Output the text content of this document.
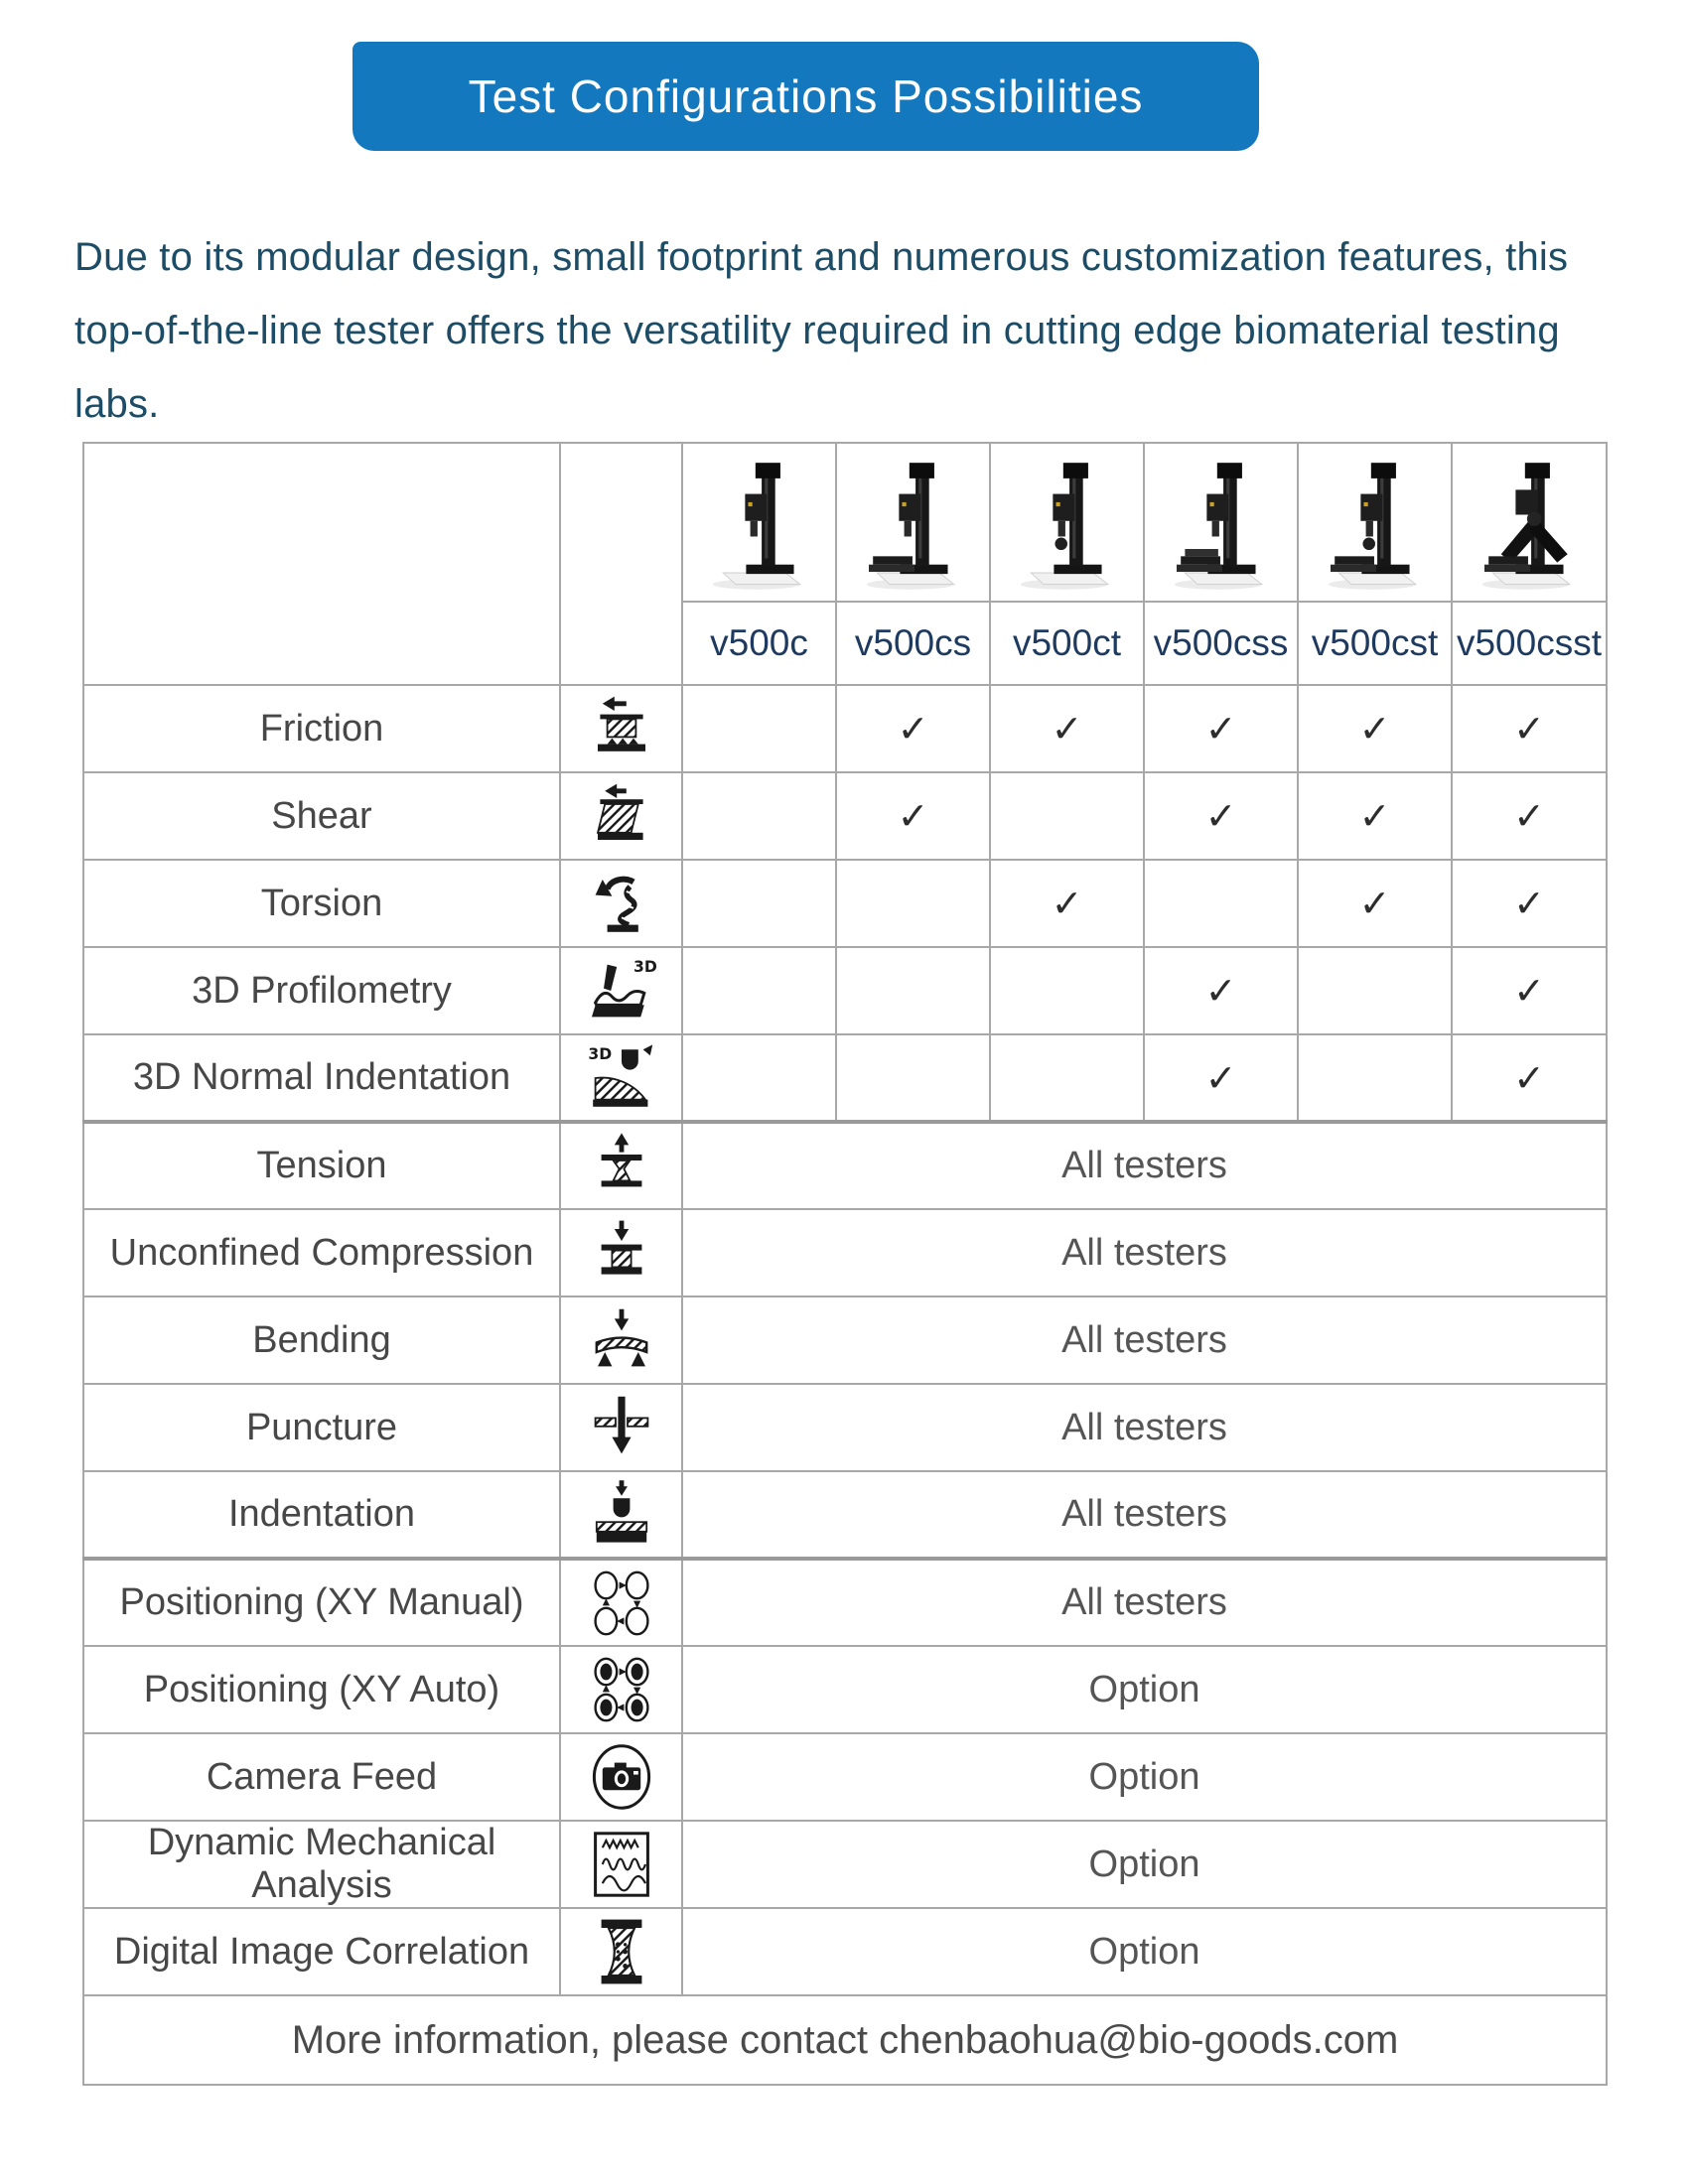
Test Configurations Possibilities

Due to its modular design, small footprint and numerous customization features, this top-of-the-line tester offers the versatility required in cutting edge biomaterial testing labs.

		v500c	v500cs	v500ct	v500css	v500cst	v500csst
Friction			✓	✓	✓	✓	✓
Shear			✓		✓	✓	✓
Torsion				✓		✓	✓
3D Profilometry	3D				✓		✓
3D Normal Indentation	3D				✓		✓
Tension		All testers					
Unconfined Compression		All testers					
Bending		All testers					
Puncture		All testers					
Indentation		All testers					
Positioning (XY Manual)		All testers					
Positioning (XY Auto)		Option					
Camera Feed		Option					
Dynamic Mechanical Analysis		Option					
Digital Image Correlation		Option					
More information, please contact chenbaohua@bio-goods.com							
